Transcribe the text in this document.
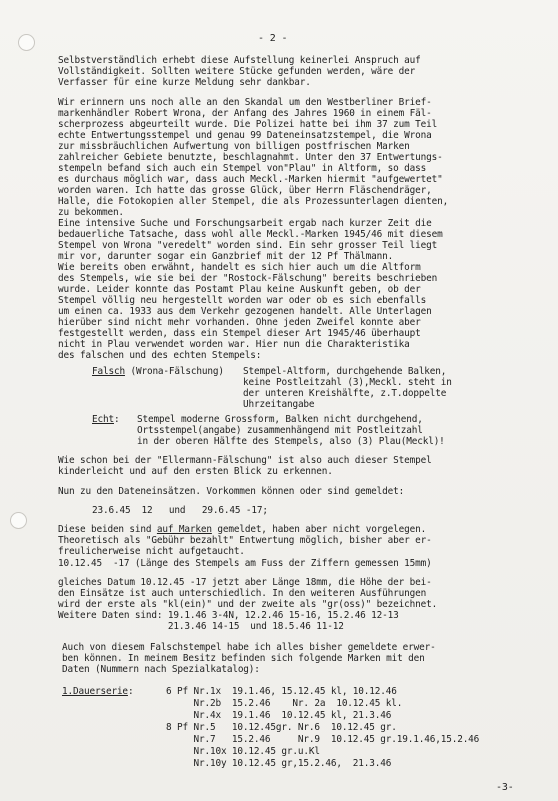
- 2 -
Selbstverständlich erhebt diese Aufstellung keinerlei Anspruch auf
Vollständigkeit. Sollten weitere Stücke gefunden werden, wäre der
Verfasser für eine kurze Meldung sehr dankbar.
Wir erinnern uns noch alle an den Skandal um den Westberliner Brief-
markenhändler Robert Wrona, der Anfang des Jahres 1960 in einem Fäl-
scherprozess abgeurteilt wurde. Die Polizei hatte bei ihm 37 zum Teil
echte Entwertungsstempel und genau 99 Dateneinsatzstempel, die Wrona
zur missbräuchlichen Aufwertung von billigen postfrischen Marken
zahlreicher Gebiete benutzte, beschlagnahmt. Unter den 37 Entwertungs-
stempeln befand sich auch ein Stempel von"Plau" in Altform, so dass
es durchaus möglich war, dass auch Meckl.-Marken hiermit "aufgewertet"
worden waren. Ich hatte das grosse Glück, über Herrn Fläschendräger,
Halle, die Fotokopien aller Stempel, die als Prozessunterlagen dienten,
zu bekommen.
Eine intensive Suche und Forschungsarbeit ergab nach kurzer Zeit die
bedauerliche Tatsache, dass wohl alle Meckl.-Marken 1945/46 mit diesem
Stempel von Wrona "veredelt" worden sind. Ein sehr grosser Teil liegt
mir vor, darunter sogar ein Ganzbrief mit der 12 Pf Thälmann.
Wie bereits oben erwähnt, handelt es sich hier auch um die Altform
des Stempels, wie sie bei der "Rostock-Fälschung" bereits beschrieben
wurde. Leider konnte das Postamt Plau keine Auskunft geben, ob der
Stempel völlig neu hergestellt worden war oder ob es sich ebenfalls
um einen ca. 1933 aus dem Verkehr gezogenen handelt. Alle Unterlagen
hierüber sind nicht mehr vorhanden. Ohne jeden Zweifel konnte aber
festgestellt werden, dass ein Stempel dieser Art 1945/46 überhaupt
nicht in Plau verwendet worden war. Hier nun die Charakteristika
des falschen und des echten Stempels:
Falsch (Wrona-Fälschung) Stempel-Altform, durchgehende Balken,
keine Postleitzahl (3),Meckl. steht in
der unteren Kreishälfte, z.T.doppelte
Uhrzeitangabe
Echt: Stempel moderne Grossform, Balken nicht durchgehend,
Ortsstempel(angabe) zusammenhängend mit Postleitzahl
in der oberen Hälfte des Stempels, also (3) Plau(Meckl)!
Wie schon bei der "Ellermann-Fälschung" ist also auch dieser Stempel
kinderleicht und auf den ersten Blick zu erkennen.
Nun zu den Dateneinsätzen. Vorkommen können oder sind gemeldet:
23.6.45  12   und   29.6.45 -17;
Diese beiden sind auf Marken gemeldet, haben aber nicht vorgelegen.
Theoretisch als "Gebühr bezahlt" Entwertung möglich, bisher aber er-
freulicherweise nicht aufgetaucht.
10.12.45  -17 (Länge des Stempels am Fuss der Ziffern gemessen 15mm)
gleiches Datum 10.12.45 -17 jetzt aber Länge 18mm, die Höhe der bei-
den Einsätze ist auch unterschiedlich. In den weiteren Ausführungen
wird der erste als "kl(ein)" und der zweite als "gr(oss)" bezeichnet.
Weitere Daten sind: 19.1.46 3-4N, 12.2.46 15-16, 15.2.46 12-13
21.3.46 14-15  und 18.5.46 11-12
Auch von diesem Falschstempel habe ich alles bisher gemeldete erwer-
ben können. In meinem Besitz befinden sich folgende Marken mit den
Daten (Nummern nach Spezialkatalog):
1.Dauerserie:	6 Pf Nr.1x  19.1.46, 15.12.45 kl, 10.12.46
Nr.2b  15.2.46    Nr. 2a  10.12.45 kl.
Nr.4x  19.1.46  10.12.45 kl, 21.3.46
8 Pf Nr.5   10.12.45gr. Nr.6  10.12.45 gr.
Nr.7   15.2.46     Nr.9  10.12.45 gr.19.1.46,15.2.46
Nr.10x 10.12.45 gr.u.Kl
Nr.10y 10.12.45 gr,15.2.46,  21.3.46
-3-
